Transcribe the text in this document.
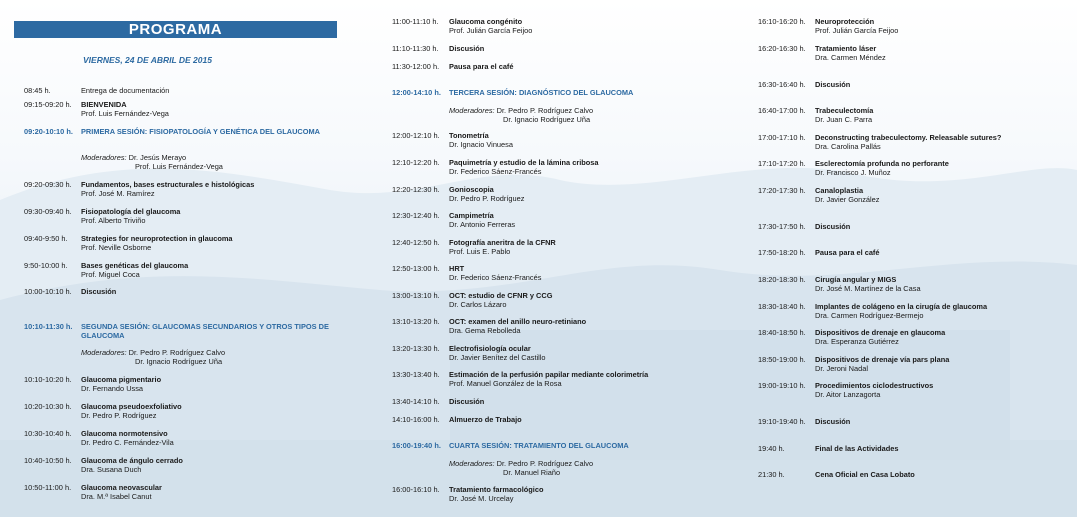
PROGRAMA
VIERNES, 24 DE ABRIL DE 2015
08:45 h.	Entrega de documentación
09:15-09:20 h. BIENVENIDA
Prof. Luis Fernández-Vega
09:20-10:10 h. PRIMERA SESIÓN: FISIOPATOLOGÍA Y GENÉTICA DEL GLAUCOMA
Moderadores: Dr. Jesús Merayo
Prof. Luis Fernández-Vega
09:20-09:30 h. Fundamentos, bases estructurales e histológicas
Prof. José M. Ramírez
09:30-09:40 h. Fisiopatología del glaucoma
Prof. Alberto Triviño
09:40-9:50 h. Strategies for neuroprotection in glaucoma
Prof. Neville Osborne
9:50-10:00 h. Bases genéticas del glaucoma
Prof. Miguel Coca
10:00-10:10 h. Discusión
10:10-11:30 h. SEGUNDA SESIÓN: GLAUCOMAS SECUNDARIOS Y OTROS TIPOS DE GLAUCOMA
Moderadores: Dr. Pedro P. Rodríguez Calvo
Dr. Ignacio Rodríguez Uña
10:10-10:20 h. Glaucoma pigmentario
Dr. Fernando Ussa
10:20-10:30 h. Glaucoma pseudoexfoliativo
Dr. Pedro P. Rodríguez
10:30-10:40 h. Glaucoma normotensivo
Dr. Pedro C. Fernández-Vila
10:40-10:50 h. Glaucoma de ángulo cerrado
Dra. Susana Duch
10:50-11:00 h. Glaucoma neovascular
Dra. M.ª Isabel Canut
11:00-11:10 h. Glaucoma congénito
Prof. Julián García Feijoo
11:10-11:30 h. Discusión
11:30-12:00 h. Pausa para el café
12:00-14:10 h. TERCERA SESIÓN: DIAGNÓSTICO DEL GLAUCOMA
Moderadores: Dr. Pedro P. Rodríguez Calvo
Dr. Ignacio Rodríguez Uña
12:00-12:10 h. Tonometría
Dr. Ignacio Vinuesa
12:10-12:20 h. Paquimetría y estudio de la lámina cribosa
Dr. Federico Sáenz-Francés
12:20-12:30 h. Gonioscopia
Dr. Pedro P. Rodríguez
12:30-12:40 h. Campimetría
Dr. Antonio Ferreras
12:40-12:50 h. Fotografía aneritra de la CFNR
Prof. Luis E. Pablo
12:50-13:00 h. HRT
Dr. Federico Sáenz-Francés
13:00-13:10 h. OCT: estudio de CFNR y CCG
Dr. Carlos Lázaro
13:10-13:20 h. OCT: examen del anillo neuro-retiniano
Dra. Gema Rebolleda
13:20-13:30 h. Electrofisiología ocular
Dr. Javier Benítez del Castillo
13:30-13:40 h. Estimación de la perfusión papilar mediante colorimetría
Prof. Manuel González de la Rosa
13:40-14:10 h. Discusión
14:10-16:00 h. Almuerzo de Trabajo
16:00-19:40 h. CUARTA SESIÓN: TRATAMIENTO DEL GLAUCOMA
Moderadores: Dr. Pedro P. Rodríguez Calvo
Dr. Manuel Riaño
16:00-16:10 h. Tratamiento farmacológico
Dr. José M. Urcelay
16:10-16:20 h. Neuroprotección
Prof. Julián García Feijoo
16:20-16:30 h. Tratamiento láser
Dra. Carmen Méndez
16:30-16:40 h. Discusión
16:40-17:00 h. Trabeculectomía
Dr. Juan C. Parra
17:00-17:10 h. Deconstructing trabeculectomy. Releasable sutures?
Dra. Carolina Pallás
17:10-17:20 h. Esclerectomía profunda no perforante
Dr. Francisco J. Muñoz
17:20-17:30 h. Canaloplastia
Dr. Javier González
17:30-17:50 h. Discusión
17:50-18:20 h. Pausa para el café
18:20-18:30 h. Cirugía angular y MIGS
Dr. José M. Martínez de la Casa
18:30-18:40 h. Implantes de colágeno en la cirugía de glaucoma
Dra. Carmen Rodríguez-Bermejo
18:40-18:50 h. Dispositivos de drenaje en glaucoma
Dra. Esperanza Gutiérrez
18:50-19:00 h. Dispositivos de drenaje vía pars plana
Dr. Jeroni Nadal
19:00-19:10 h. Procedimientos ciclodestructivos
Dr. Aitor Lanzagorta
19:10-19:40 h. Discusión
19:40 h.	Final de las Actividades
21:30 h.	Cena Oficial en Casa Lobato
